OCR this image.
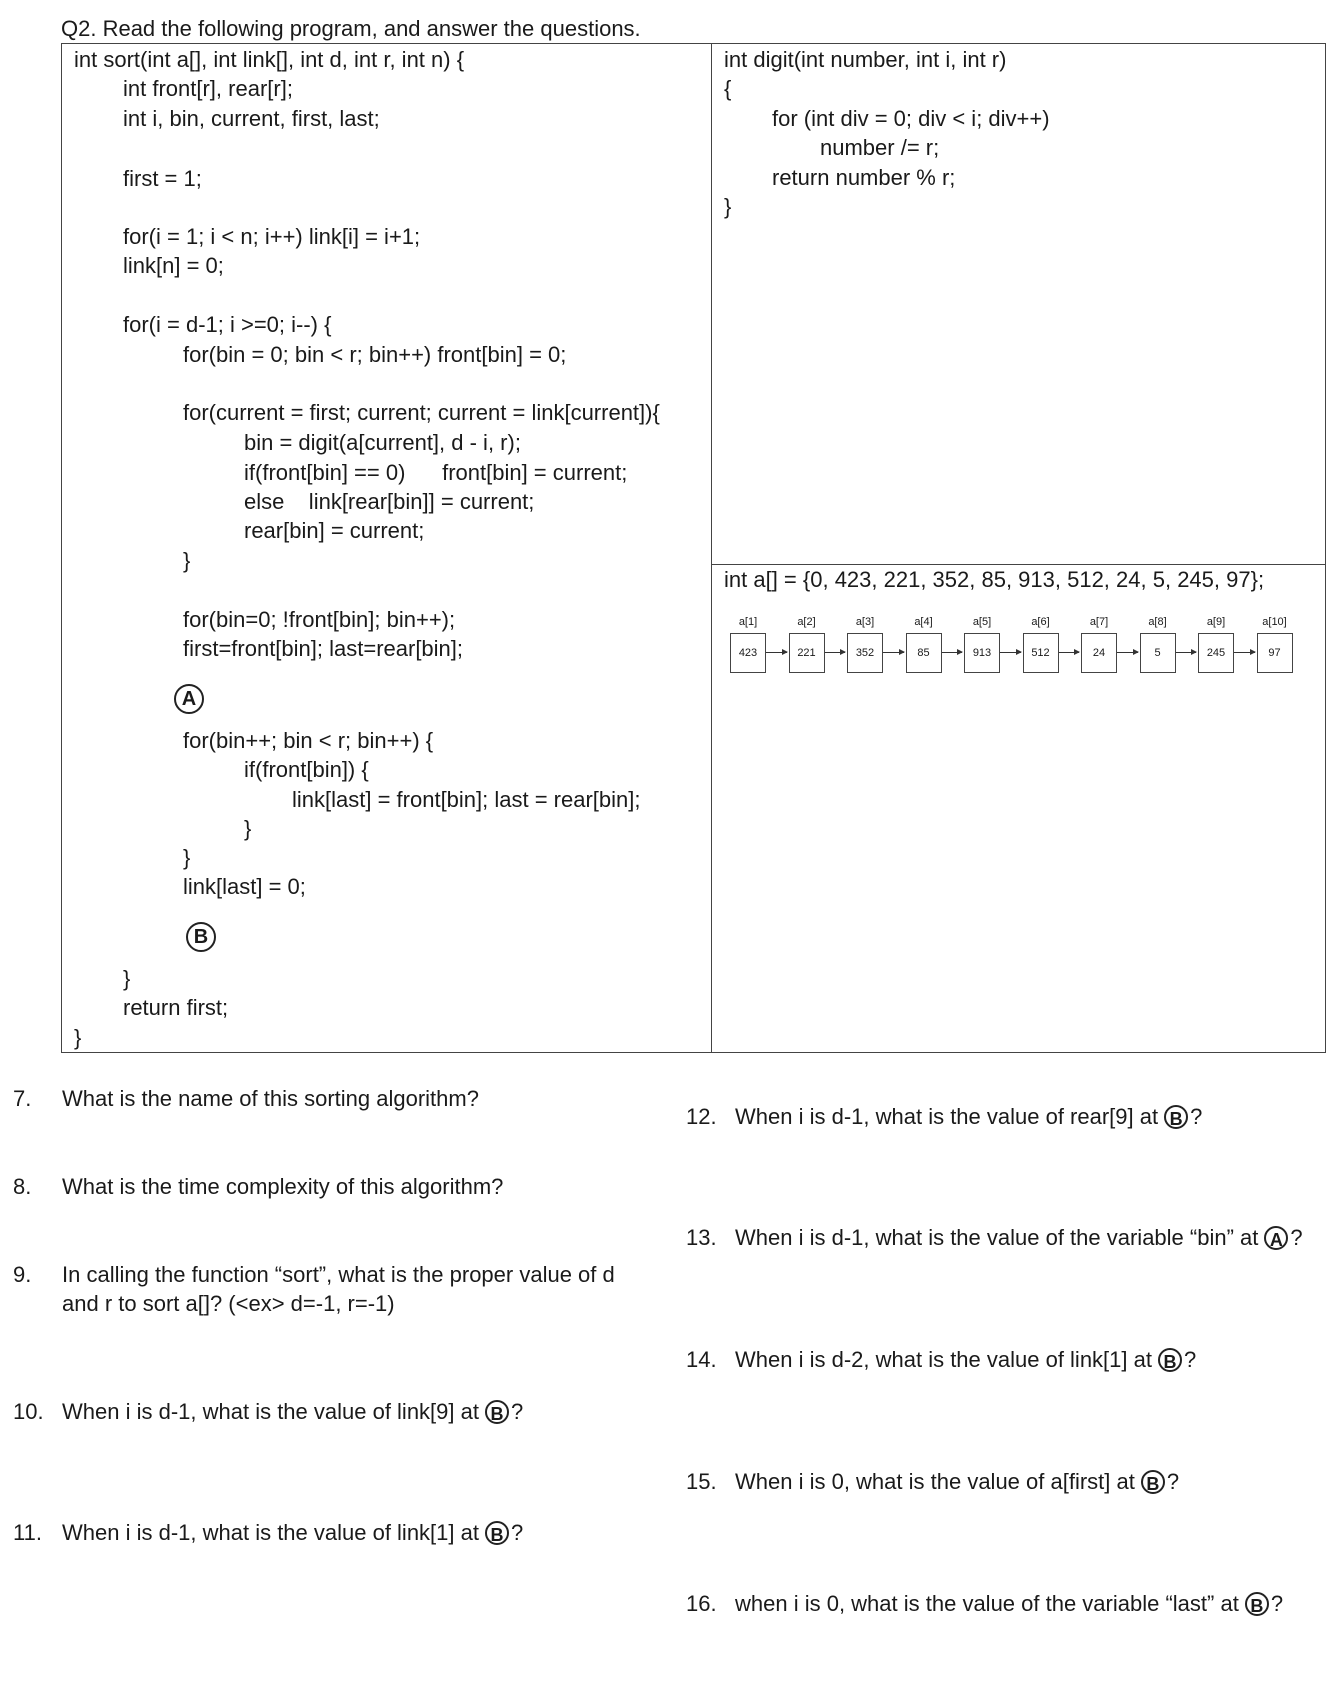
Q2. Read the following program, and answer the questions.
int sort(int a[], int link[], int d, int r, int n) {
int front[r], rear[r];
int i, bin, current, first, last;
first = 1;
for(i = 1; i < n; i++) link[i] = i+1;
link[n] = 0;
for(i = d-1; i >=0; i--) {
for(bin = 0; bin < r; bin++) front[bin] = 0;
for(current = first; current; current = link[current]){
bin = digit(a[current], d - i, r);
if(front[bin] == 0)      front[bin] = current;
else    link[rear[bin]] = current;
rear[bin] = current;
}
for(bin=0; !front[bin]; bin++);
first=front[bin]; last=rear[bin];
A
for(bin++; bin < r; bin++) {
if(front[bin]) {
link[last] = front[bin]; last = rear[bin];
}
}
link[last] = 0;
B
}
return first;
}
int digit(int number, int i, int r)
{
for (int div = 0; div < i; div++)
number /= r;
return number % r;
}
int a[] = {0, 423, 221, 352, 85, 913, 512, 24, 5, 245, 97};
a[1]
423
a[2]
221
a[3]
352
a[4]
85
a[5]
913
a[6]
512
a[7]
24
a[8]
5
a[9]
245
a[10]
97
7. What is the name of this sorting algorithm?
8. What is the time complexity of this algorithm?
9. In calling the function “sort”, what is the proper value of d
and r to sort a[]? (<ex> d=-1, r=-1)
10. When i is d-1, what is the value of link[9] at B ?
11. When i is d-1, what is the value of link[1] at B ?
12. When i is d-1, what is the value of rear[9] at B ?
13. When i is d-1, what is the value of the variable “bin” at A ?
14. When i is d-2, what is the value of link[1] at B ?
15. When i is 0, what is the value of a[first] at B ?
16. when i is 0, what is the value of the variable “last” at B ?
